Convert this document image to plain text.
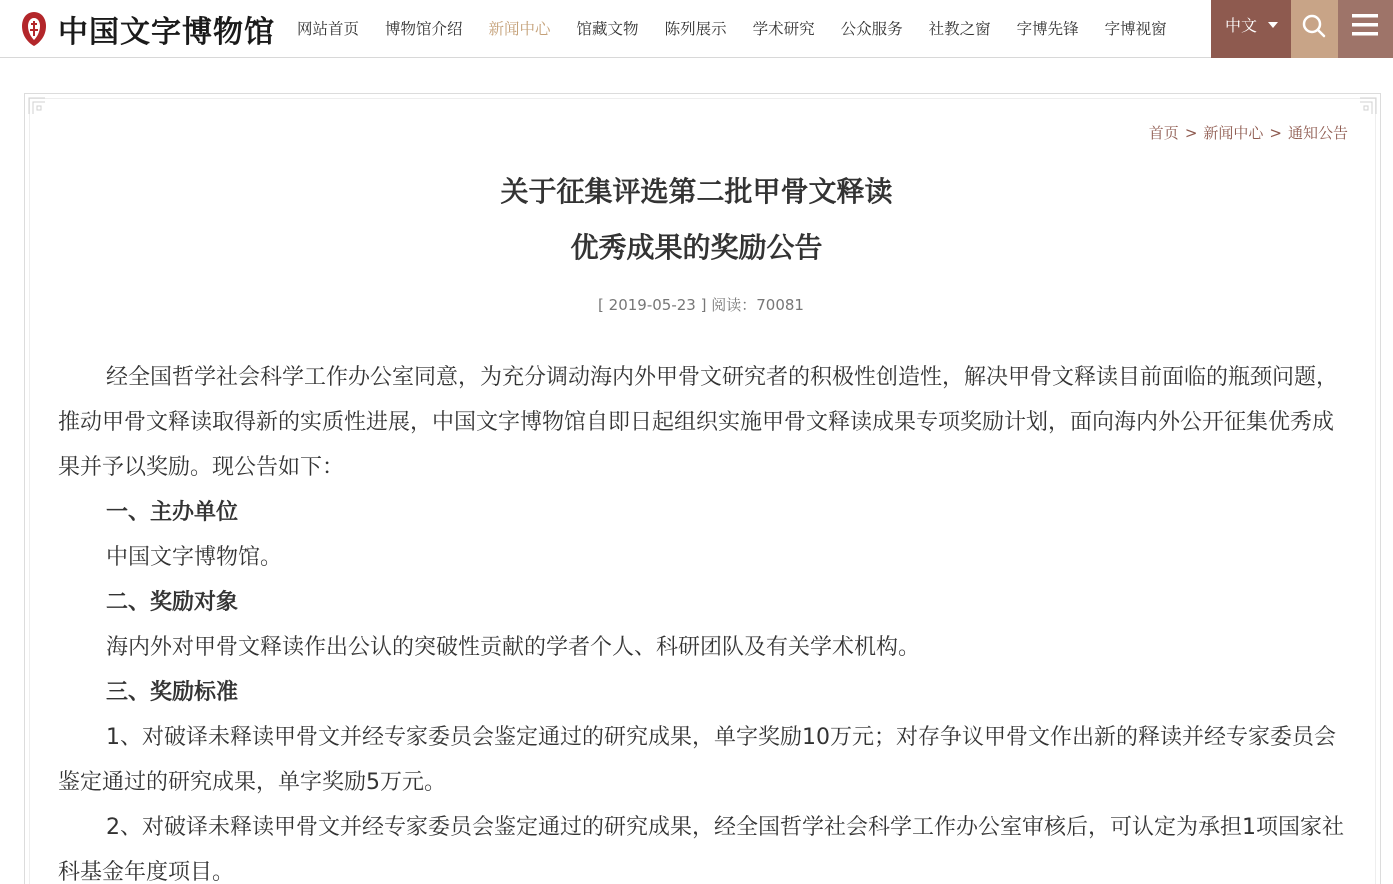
中国文字博物馆	网站首页	博物馆介绍	新闻中心	馆藏文物	陈列展示	学术研究	公众服务	社教之窗	字博先锋	字博视窗	中文
首页 > 新闻中心 > 通知公告
关于征集评选第二批甲骨文释读
优秀成果的奖励公告
[ 2019-05-23 ] 阅读：70081

经全国哲学社会科学工作办公室同意，为充分调动海内外甲骨文研究者的积极性创造性，解决甲骨文释读目前面临的瓶颈问题，推动甲骨文释读取得新的实质性进展，中国文字博物馆自即日起组织实施甲骨文释读成果专项奖励计划，面向海内外公开征集优秀成果并予以奖励。现公告如下：

一、主办单位

中国文字博物馆。

二、奖励对象

海内外对甲骨文释读作出公认的突破性贡献的学者个人、科研团队及有关学术机构。

三、奖励标准

1、对破译未释读甲骨文并经专家委员会鉴定通过的研究成果，单字奖励10万元；对存争议甲骨文作出新的释读并经专家委员会鉴定通过的研究成果，单字奖励5万元。

2、对破译未释读甲骨文并经专家委员会鉴定通过的研究成果，经全国哲学社会科学工作办公室审核后，可认定为承担1项国家社科基金年度项目。
